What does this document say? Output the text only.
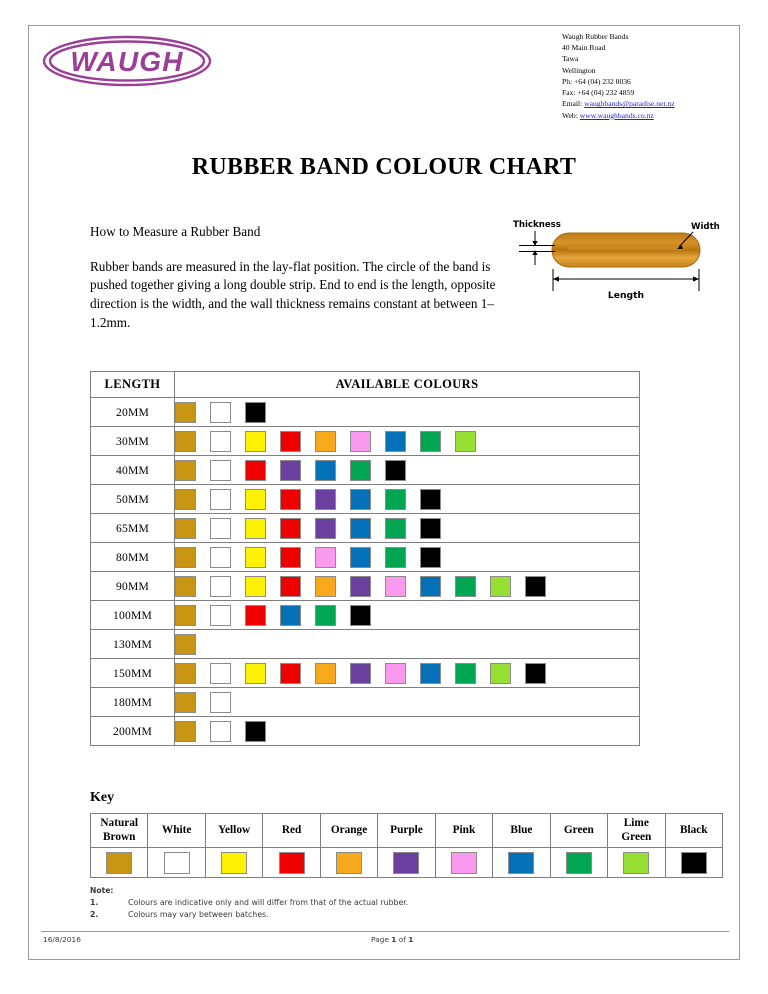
WAUGH
Waugh Rubber Bands
40 Main Road
Tawa
Wellington
Ph: +64 (04) 232 8036
Fax: +64 (04) 232 4859
Email: waughbands@paradise.net.nz
Web: www.waughbands.co.nz
RUBBER BAND COLOUR CHART
How to Measure a Rubber Band
Rubber bands are measured in the lay-flat position. The circle of the band is pushed together giving a long double strip. End to end is the length, opposite direction is the width, and the wall thickness remains constant at between 1–1.2mm.
Thickness	Width
Length
LENGTH	AVAILABLE COLOURS
20MM	

30MM	

40MM	

50MM	

65MM	

80MM	

90MM	

100MM	

130MM	

150MM	

180MM	

200MM	
Key
Natural Brown	White	Yellow	Red	Orange	Purple	Pink	Blue	Green	Lime Green	Black

Note:
1.	Colours are indicative only and will differ from that of the actual rubber.
2.	Colours may vary between batches.
16/8/2016	Page 1 of 1
